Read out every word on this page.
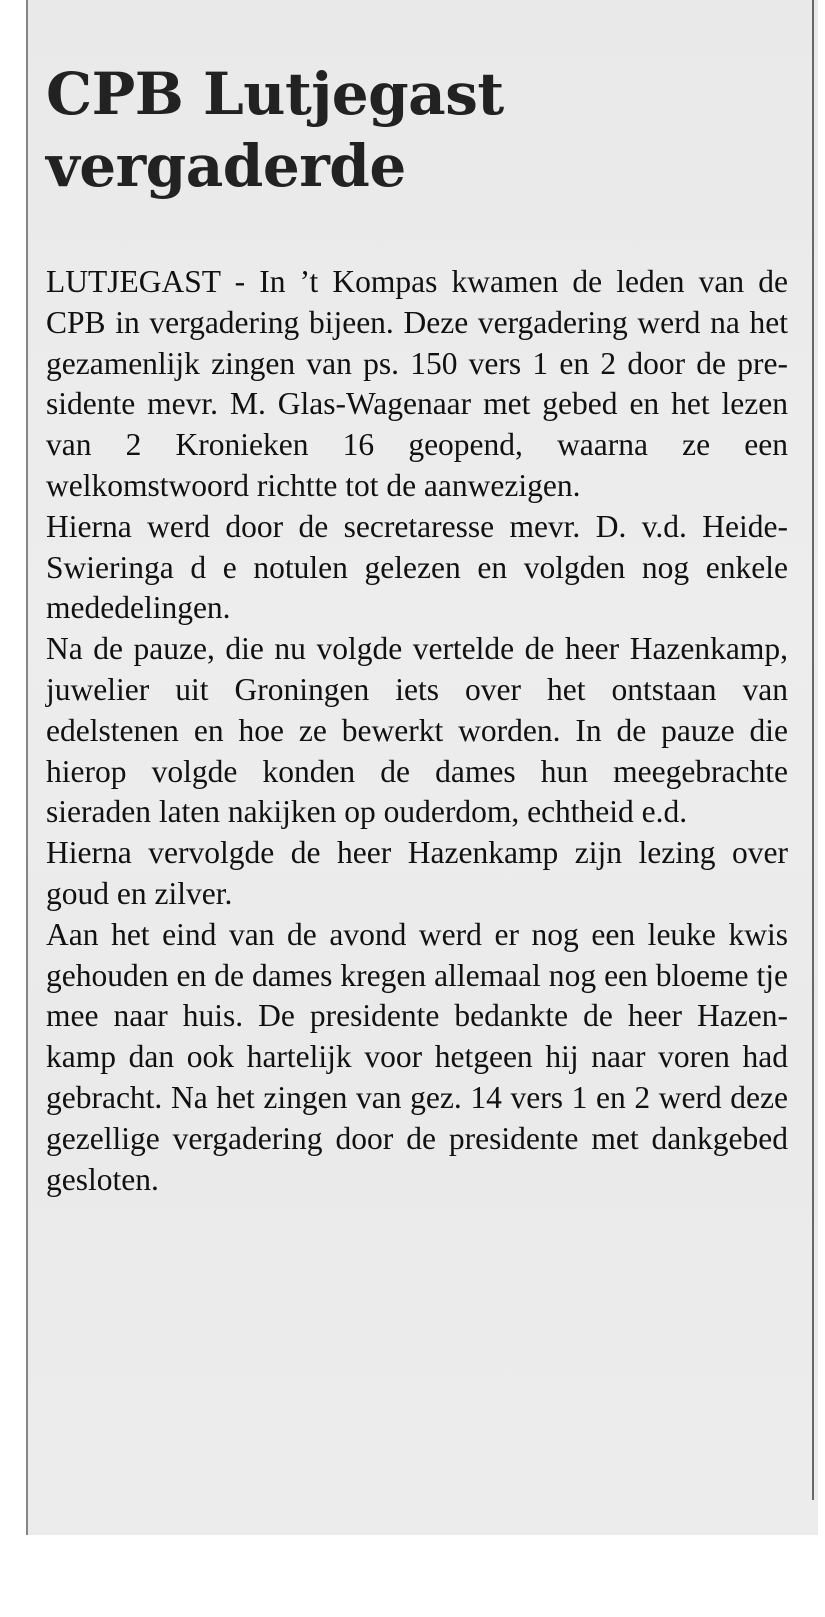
CPB Lutjegast
vergaderde

LUTJEGAST - In ’t Kompas kwamen de leden van de CPB in vergadering bijeen. Deze vergadering werd na het gezamenlijk zingen van ps. 150 vers 1 en 2 door de presidente mevr. M. Glas-Wagenaar met gebed en het lezen van 2 Kronieken 16 geopend, waarna ze een welkomstwoord richtte tot de aanwezigen.

Hierna werd door de secretaresse mevr. D. v.d. Heide-Swieringa d e notulen gelezen en volgden nog enkele mededelingen.

Na de pauze, die nu volgde vertelde de heer Hazenkamp, juwelier uit Groningen iets over het ontstaan van edelstenen en hoe ze bewerkt worden. In de pauze die hierop volgde konden de dames hun meegebrachte sieraden laten nakijken op ouderdom, echtheid e.d.

Hierna vervolgde de heer Hazenkamp zijn lezing over goud en zilver.

Aan het eind van de avond werd er nog een leuke kwis gehouden en de dames kregen allemaal nog een bloeme tje mee naar huis. De presidente bedankte de heer Hazenkamp dan ook hartelijk voor hetgeen hij naar voren had gebracht. Na het zingen van gez. 14 vers 1 en 2 werd deze gezellige vergadering door de presidente met dankgebed gesloten.
